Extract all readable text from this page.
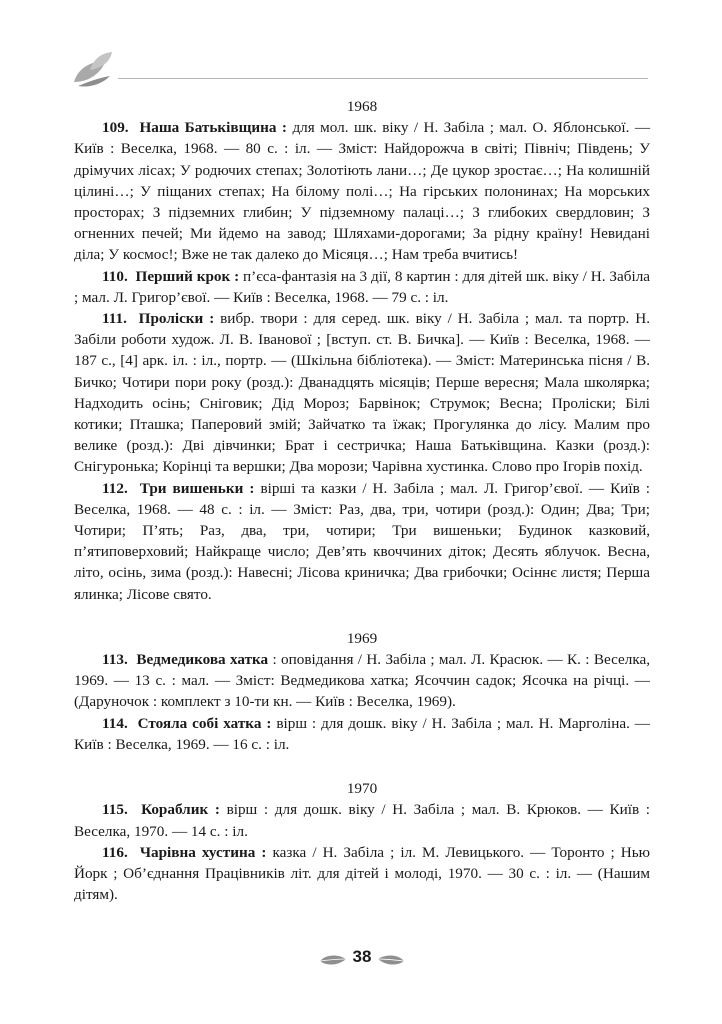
1968

109. Наша Батьківщина : для мол. шк. віку / Н. Забіла ; мал. О. Яблонської. — Київ : Веселка, 1968. — 80 с. : іл. — Зміст: Найдорожча в світі; Північ; Південь; У дрімучих лісах; У родючих степах; Золотіють лани…; Де цукор зростає…; На колишній цілині…; У піщаних степах; На білому полі…; На гірських полонинах; На морських просторах; З підземних глибин; У підземному палаці…; З глибоких свердловин; З огненних печей; Ми йдемо на завод; Шляхами-дорогами; За рідну країну! Невидані діла; У космос!; Вже не так далеко до Місяця…; Нам треба вчитись!

110. Перший крок : п’єса-фантазія на 3 дії, 8 картин : для дітей шк. віку / Н. Забіла ; мал. Л. Григор’євої. — Київ : Веселка, 1968. — 79 с. : іл.

111. Проліски : вибр. твори : для серед. шк. віку / Н. Забіла ; мал. та портр. Н. Забіли роботи худож. Л. В. Іванової ; [вступ. ст. В. Бичка]. — Київ : Веселка, 1968. — 187 с., [4] арк. іл. : іл., портр. — (Шкільна бібліотека). — Зміст: Материнська пісня / В. Бичко; Чотири пори року (розд.): Дванадцять місяців; Перше вересня; Мала школярка; Надходить осінь; Сніговик; Дід Мороз; Барвінок; Струмок; Весна; Проліски; Білі котики; Пташка; Паперовий змій; Зайчатко та їжак; Прогулянка до лісу. Малим про велике (розд.): Дві дівчинки; Брат і сестричка; Наша Батьківщина. Казки (розд.): Снігуронька; Корінці та вершки; Два морози; Чарівна хустинка. Слово про Ігорів похід.

112. Три вишеньки : вірші та казки / Н. Забіла ; мал. Л. Григор’євої. — Київ : Веселка, 1968. — 48 с. : іл. — Зміст: Раз, два, три, чотири (розд.): Один; Два; Три; Чотири; П’ять; Раз, два, три, чотири; Три вишеньки; Будинок казковий, п’ятиповерховий; Найкраще число; Дев’ять квоччиних діток; Десять яблучок. Весна, літо, осінь, зима (розд.): Навесні; Лісова криничка; Два грибочки; Осіннє листя; Перша ялинка; Лісове свято.

1969

113. Ведмедикова хатка : оповідання / Н. Забіла ; мал. Л. Красюк. — К. : Веселка, 1969. — 13 с. : мал. — Зміст: Ведмедикова хатка; Ясоччин садок; Ясочка на річці. — (Даруночок : комплект з 10-ти кн. — Київ : Веселка, 1969).

114. Стояла собі хатка : вірш : для дошк. віку / Н. Забіла ; мал. Н. Марголіна. — Київ : Веселка, 1969. — 16 с. : іл.

1970

115. Кораблик : вірш : для дошк. віку / Н. Забіла ; мал. В. Крюков. — Київ : Веселка, 1970. — 14 с. : іл.

116. Чарівна хустина : казка / Н. Забіла ; іл. М. Левицького. — Торонто ; Нью Йорк ; Об’єднання Працівників літ. для дітей і молоді, 1970. — 30 с. : іл. — (Нашим дітям).

38
